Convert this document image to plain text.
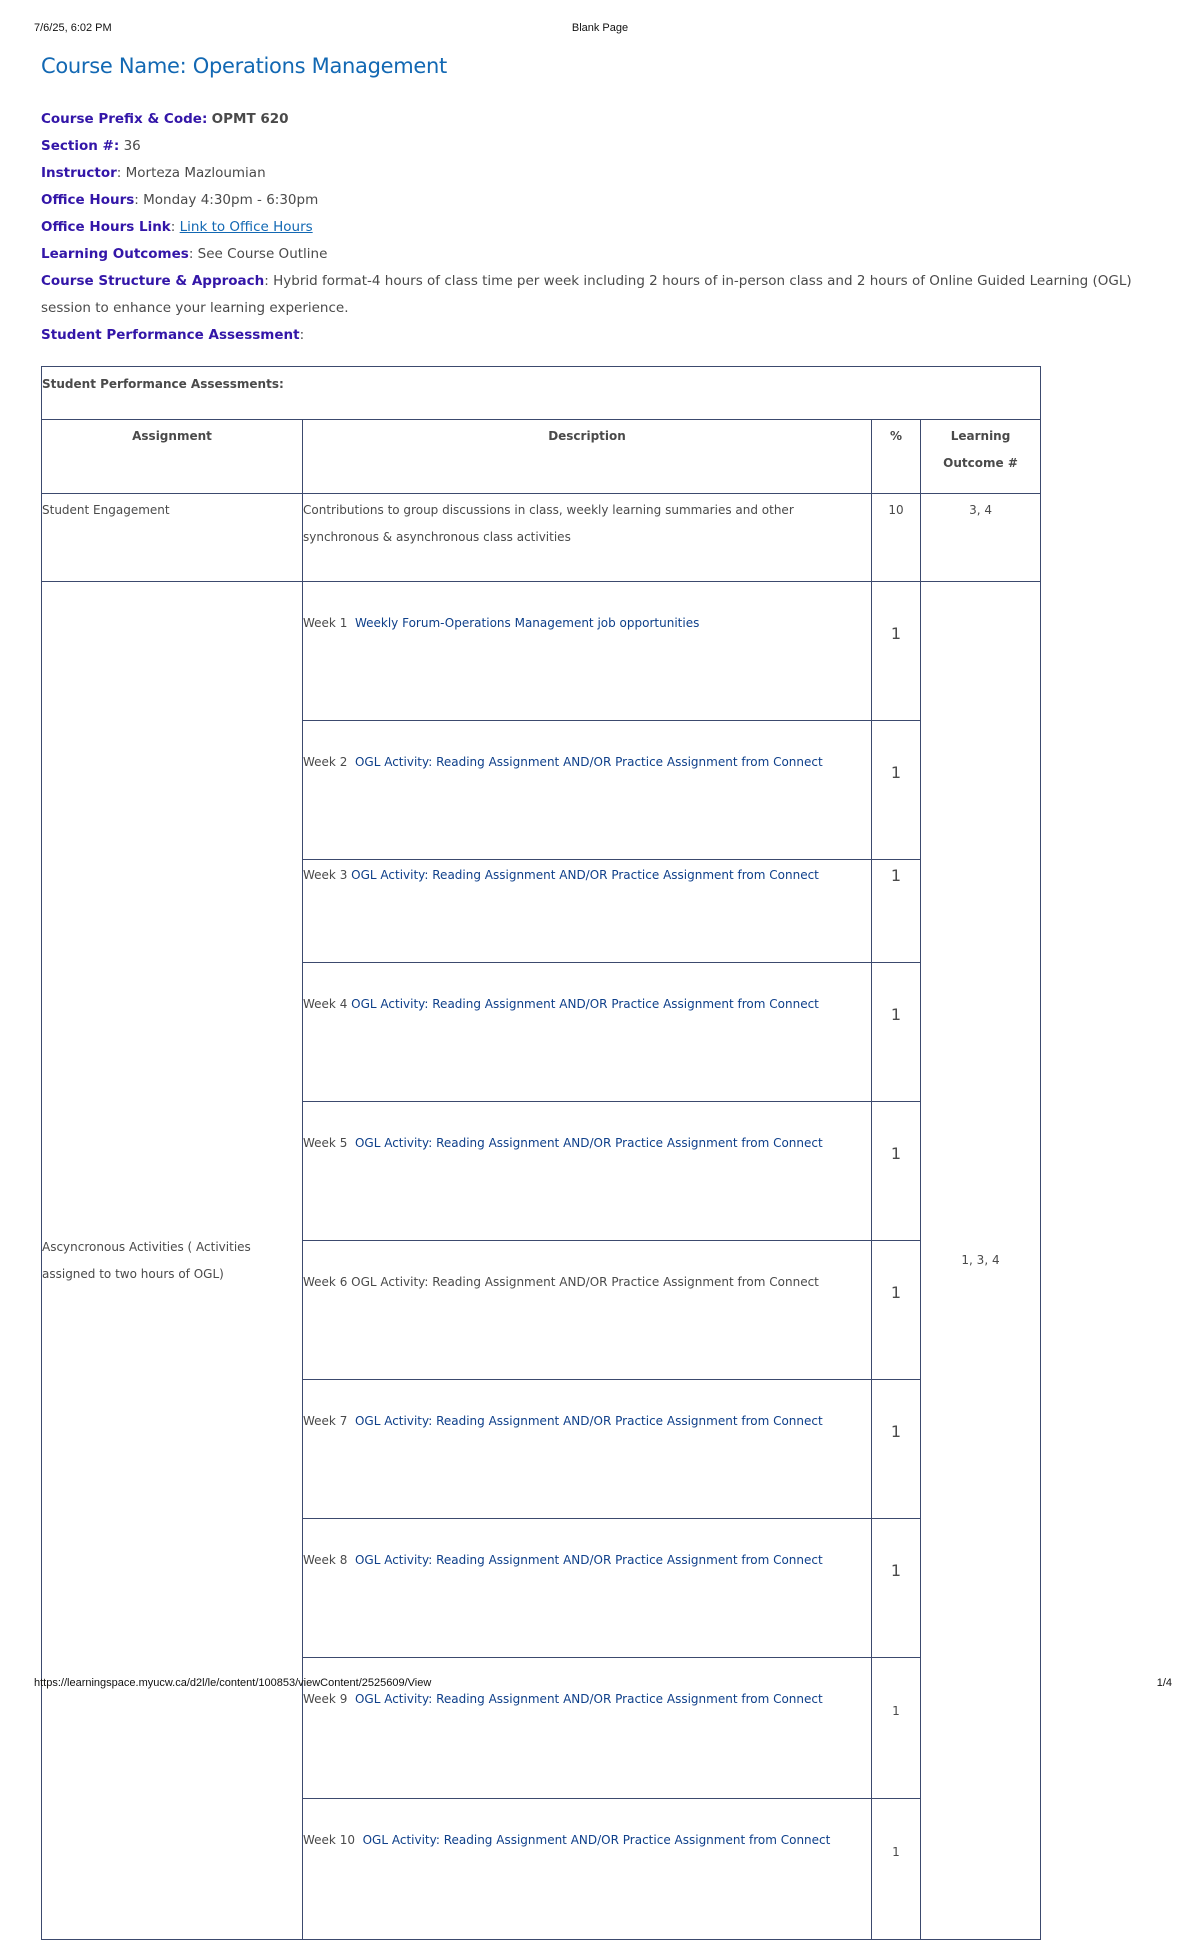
7/6/25, 6:02 PM	Blank Page
Course Name: Operations Management
Course Prefix & Code: OPMT 620
Section #: 36
Instructor: Morteza Mazloumian
Office Hours: Monday 4:30pm - 6:30pm
Office Hours Link: Link to Office Hours
Learning Outcomes: See Course Outline
Course Structure & Approach: Hybrid format-4 hours of class time per week including 2 hours of in-person class and 2 hours of Online Guided Learning (OGL) session to enhance your learning experience.
Student Performance Assessment:
Student Performance Assessments:			
Assignment	Description	%	Learning Outcome #
Student Engagement	Contributions to group discussions in class, weekly learning summaries and other synchronous & asynchronous class activities	10	3, 4
Ascyncronous Activities ( Activities assigned to two hours of OGL)	Week 1 Weekly Forum-Operations Management job opportunities	1	1, 3, 4
	Week 2 OGL Activity: Reading Assignment AND/OR Practice Assignment from Connect	1	
	Week 3 OGL Activity: Reading Assignment AND/OR Practice Assignment from Connect	1	
	Week 4 OGL Activity: Reading Assignment AND/OR Practice Assignment from Connect	1	
	Week 5 OGL Activity: Reading Assignment AND/OR Practice Assignment from Connect	1	
	Week 6 OGL Activity: Reading Assignment AND/OR Practice Assignment from Connect	1	
	Week 7 OGL Activity: Reading Assignment AND/OR Practice Assignment from Connect	1	
	Week 8 OGL Activity: Reading Assignment AND/OR Practice Assignment from Connect	1	
	Week 9 OGL Activity: Reading Assignment AND/OR Practice Assignment from Connect	1	
	Week 10 OGL Activity: Reading Assignment AND/OR Practice Assignment from Connect	1	
https://learningspace.myucw.ca/d2l/le/content/100853/viewContent/2525609/View	1/4
